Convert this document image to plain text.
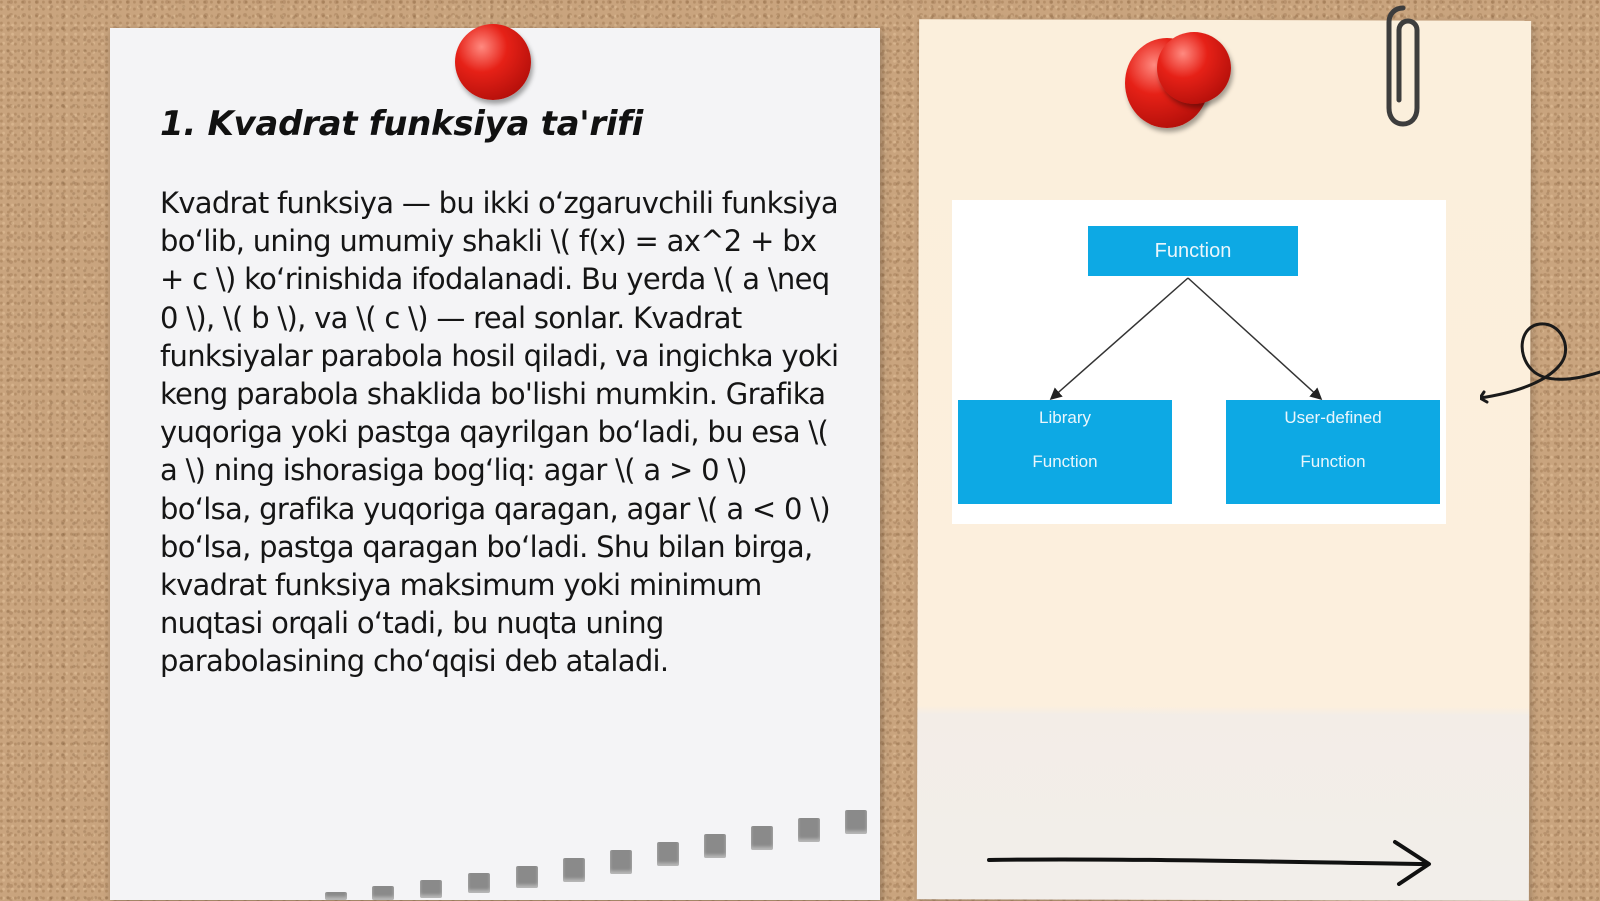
1. Kvadrat funksiya ta'rifi

Kvadrat funksiya — bu ikki o‘zgaruvchili funksiya bo‘lib, uning umumiy shakli \( f(x) = ax^2 + bx + c \) ko‘rinishida ifodalanadi. Bu yerda \( a \neq 0 \), \( b \), va \( c \) — real sonlar. Kvadrat funksiyalar parabola hosil qiladi, va ingichka yoki keng parabola shaklida bo'lishi mumkin. Grafika yuqoriga yoki pastga qayrilgan bo‘ladi, bu esa \( a \) ning ishorasiga bog‘liq: agar \( a > 0 \) bo‘lsa, grafika yuqoriga qaragan, agar \( a < 0 \) bo‘lsa, pastga qaragan bo‘ladi. Shu bilan birga, kvadrat funksiya maksimum yoki minimum nuqtasi orqali o‘tadi, bu nuqta uning parabolasining cho‘qqisi deb ataladi.

Function
Library
Function
User-defined
Function
